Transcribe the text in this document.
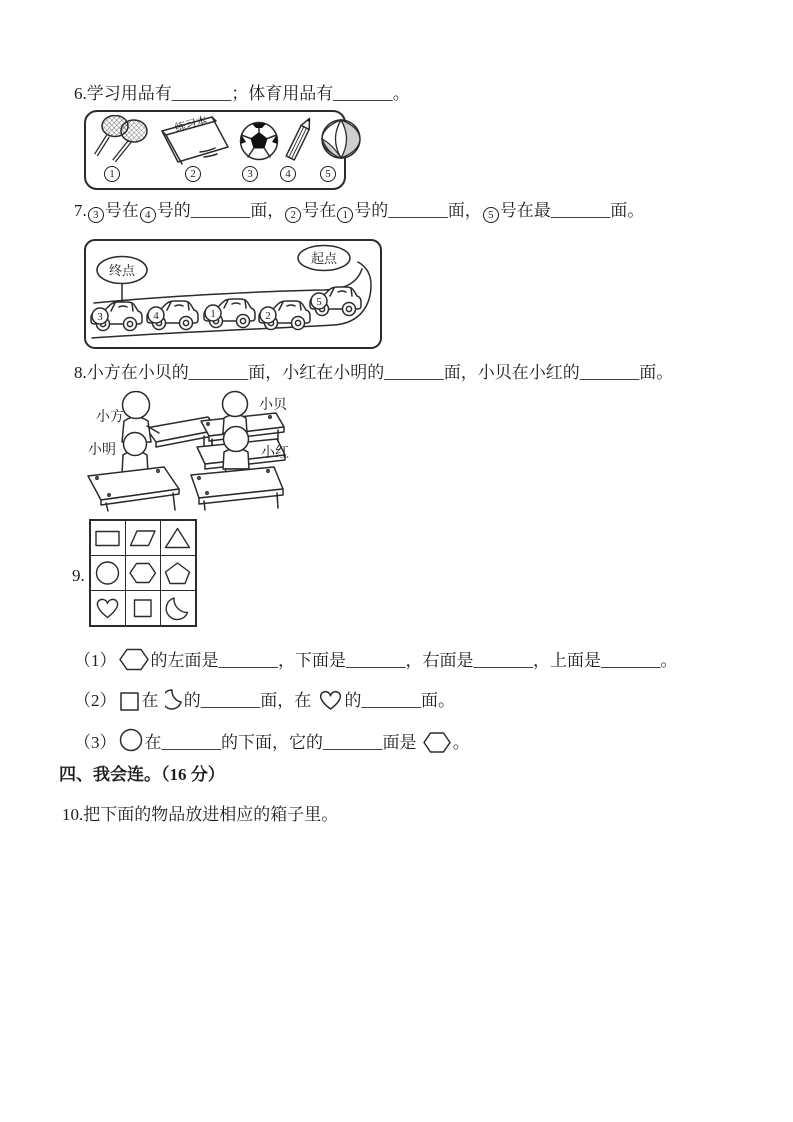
6.学习用品有_______；体育用品有_______。
练习本
1	2	3	4	5
7. 3 号在 4 号的_______面， 2 号在 1 号的_______面， 5 号在最_______面。
终点
起点
3	4	1	2
5
8.小方在小贝的_______面，小红在小明的_______面，小贝在小红的_______面。
小方
小明
小贝
小红
9.

（1） 的左面是_______，下面是_______，右面是_______，上面是_______。
（2） 在 的_______面，在 的_______面。
（3） 在_______的下面，它的_______面是 。
四、我会连。（16 分）
10.把下面的物品放进相应的箱子里。
